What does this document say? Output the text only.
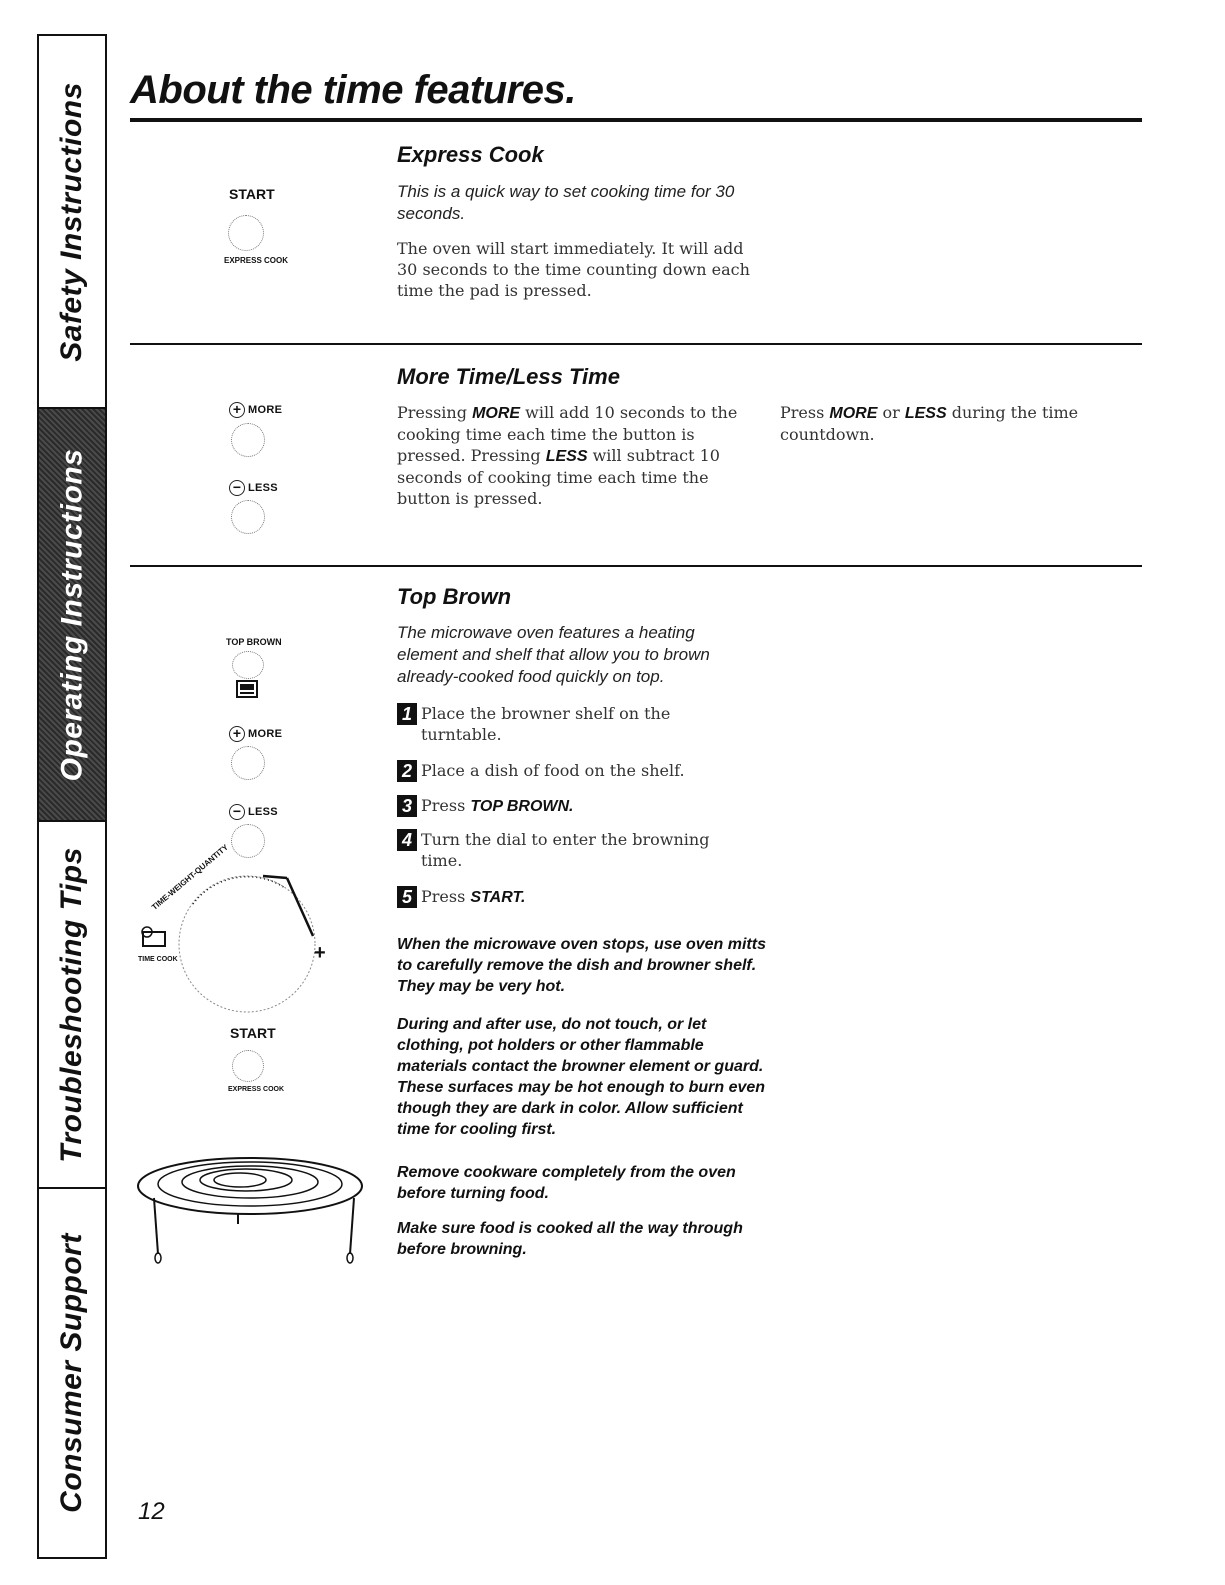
Safety Instructions
Operating Instructions
Troubleshooting Tips
Consumer Support
About the time features.
START
EXPRESS COOK
Express Cook

This is a quick way to set cooking time for 30 seconds.

The oven will start immediately. It will add 30 seconds to the time counting down each time the pad is pressed.

+ MORE
− LESS
More Time/Less Time

Pressing MORE will add 10 seconds to the cooking time each time the button is pressed. Pressing LESS will subtract 10 seconds of cooking time each time the button is pressed.

Press MORE or LESS during the time countdown.

TOP BROWN
+ MORE
− LESS
+
TIME-WEIGHT-QUANTITY
TIME COOK
START
EXPRESS COOK
Top Brown

The microwave oven features a heating element and shelf that allow you to brown already-cooked food quickly on top.

1 Place the browner shelf on the turntable.
2 Place a dish of food on the shelf.
3 Press TOP BROWN.
4 Turn the dial to enter the browning time.
5 Press START.

When the microwave oven stops, use oven mitts to carefully remove the dish and browner shelf. They may be very hot.

During and after use, do not touch, or let clothing, pot holders or other flammable materials contact the browner element or guard. These surfaces may be hot enough to burn even though they are dark in color. Allow sufficient time for cooling first.

Remove cookware completely from the oven before turning food.

Make sure food is cooked all the way through before browning.

12
